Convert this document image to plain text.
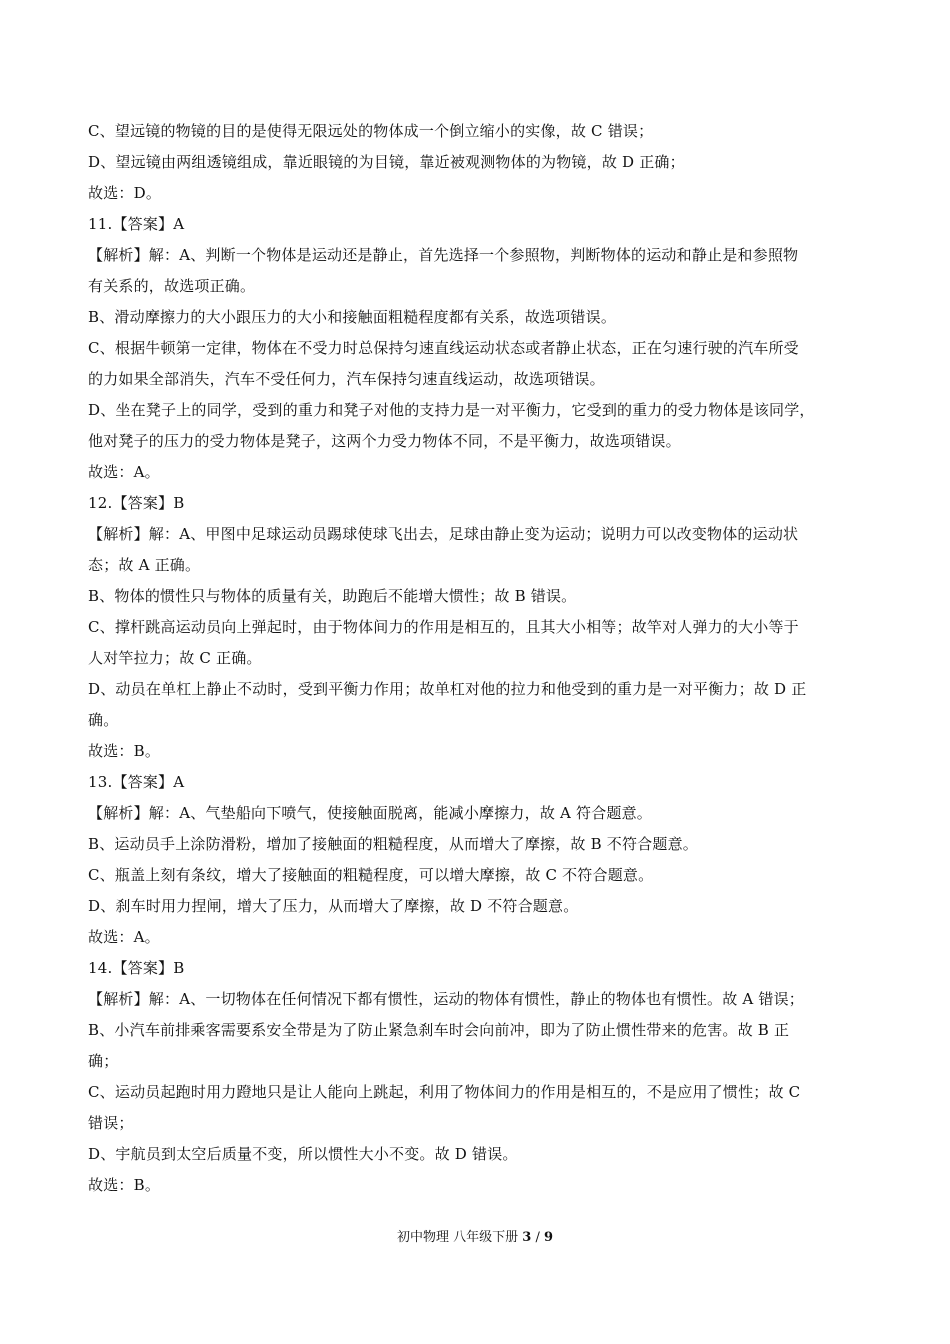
C、望远镜的物镜的目的是使得无限远处的物体成一个倒立缩小的实像，故 C 错误；
D、望远镜由两组透镜组成，靠近眼镜的为目镜，靠近被观测物体的为物镜，故 D 正确；
故选：D。
11.【答案】A
【解析】解：A、判断一个物体是运动还是静止，首先选择一个参照物，判断物体的运动和静止是和参照物
有关系的，故选项正确。
B、滑动摩擦力的大小跟压力的大小和接触面粗糙程度都有关系，故选项错误。
C、根据牛顿第一定律，物体在不受力时总保持匀速直线运动状态或者静止状态，正在匀速行驶的汽车所受
的力如果全部消失，汽车不受任何力，汽车保持匀速直线运动，故选项错误。
D、坐在凳子上的同学，受到的重力和凳子对他的支持力是一对平衡力，它受到的重力的受力物体是该同学，
他对凳子的压力的受力物体是凳子，这两个力受力物体不同，不是平衡力，故选项错误。
故选：A。
12.【答案】B
【解析】解：A、甲图中足球运动员踢球使球飞出去，足球由静止变为运动；说明力可以改变物体的运动状
态；故 A 正确。
B、物体的惯性只与物体的质量有关，助跑后不能增大惯性；故 B 错误。
C、撑杆跳高运动员向上弹起时，由于物体间力的作用是相互的，且其大小相等；故竿对人弹力的大小等于
人对竿拉力；故 C 正确。
D、动员在单杠上静止不动时，受到平衡力作用；故单杠对他的拉力和他受到的重力是一对平衡力；故 D 正
确。
故选：B。
13.【答案】A
【解析】解：A、气垫船向下喷气，使接触面脱离，能减小摩擦力，故 A 符合题意。
B、运动员手上涂防滑粉，增加了接触面的粗糙程度，从而增大了摩擦，故 B 不符合题意。
C、瓶盖上刻有条纹，增大了接触面的粗糙程度，可以增大摩擦，故 C 不符合题意。
D、刹车时用力捏闸，增大了压力，从而增大了摩擦，故 D 不符合题意。
故选：A。
14.【答案】B
【解析】解：A、一切物体在任何情况下都有惯性，运动的物体有惯性，静止的物体也有惯性。故 A 错误；
B、小汽车前排乘客需要系安全带是为了防止紧急刹车时会向前冲，即为了防止惯性带来的危害。故 B 正
确；
C、运动员起跑时用力蹬地只是让人能向上跳起，利用了物体间力的作用是相互的，不是应用了惯性；故 C
错误；
D、宇航员到太空后质量不变，所以惯性大小不变。故 D 错误。
故选：B。
初中物理 八年级下册 3 / 9
